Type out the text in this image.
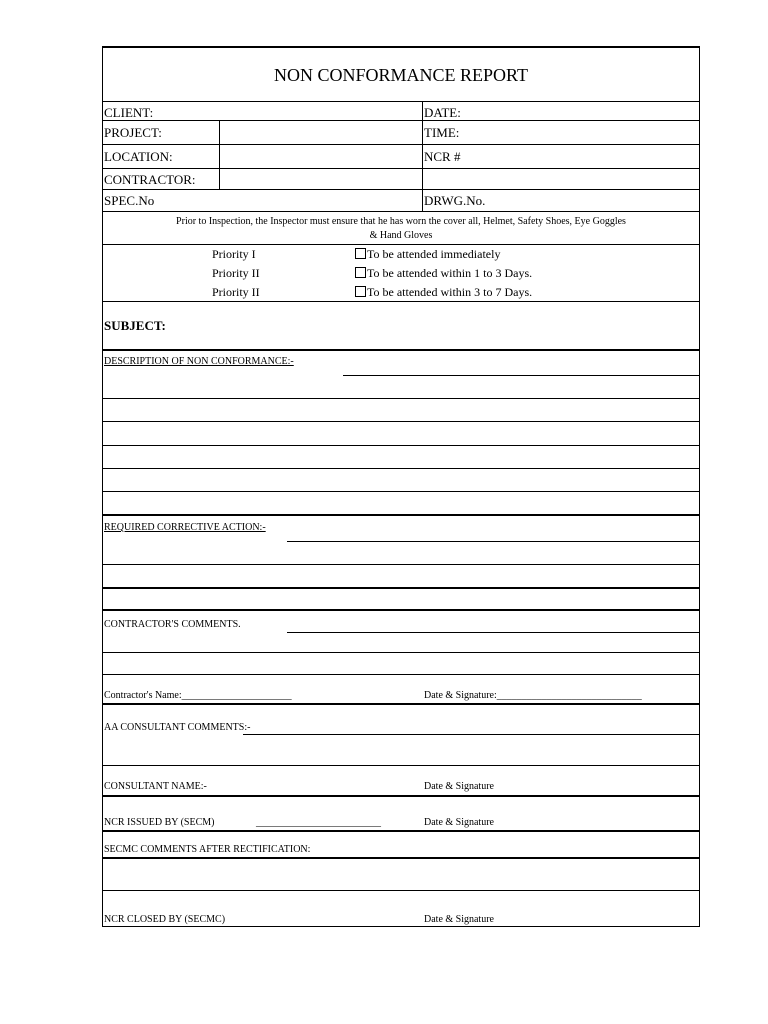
NON CONFORMANCE REPORT
CLIENT:	DATE:
PROJECT:	TIME:
LOCATION:	NCR #
CONTRACTOR:
SPEC.No	DRWG.No.
Prior to Inspection, the Inspector must ensure that he has worn the cover all, Helmet, Safety Shoes, Eye Goggles
& Hand Gloves
Priority I	To be attended immediately
Priority II	To be attended within 1 to 3 Days.
Priority II	To be attended within 3 to 7 Days.
SUBJECT:
DESCRIPTION OF NON CONFORMANCE:-
REQUIRED CORRECTIVE ACTION:-
CONTRACTOR'S COMMENTS.
Contractor's Name:______________________	Date & Signature:_____________________________
AA CONSULTANT COMMENTS:-
CONSULTANT NAME:-	Date & Signature
NCR ISSUED BY (SECM)	_________________________	Date & Signature
SECMC COMMENTS AFTER RECTIFICATION:
NCR CLOSED BY (SECMC)	Date & Signature
